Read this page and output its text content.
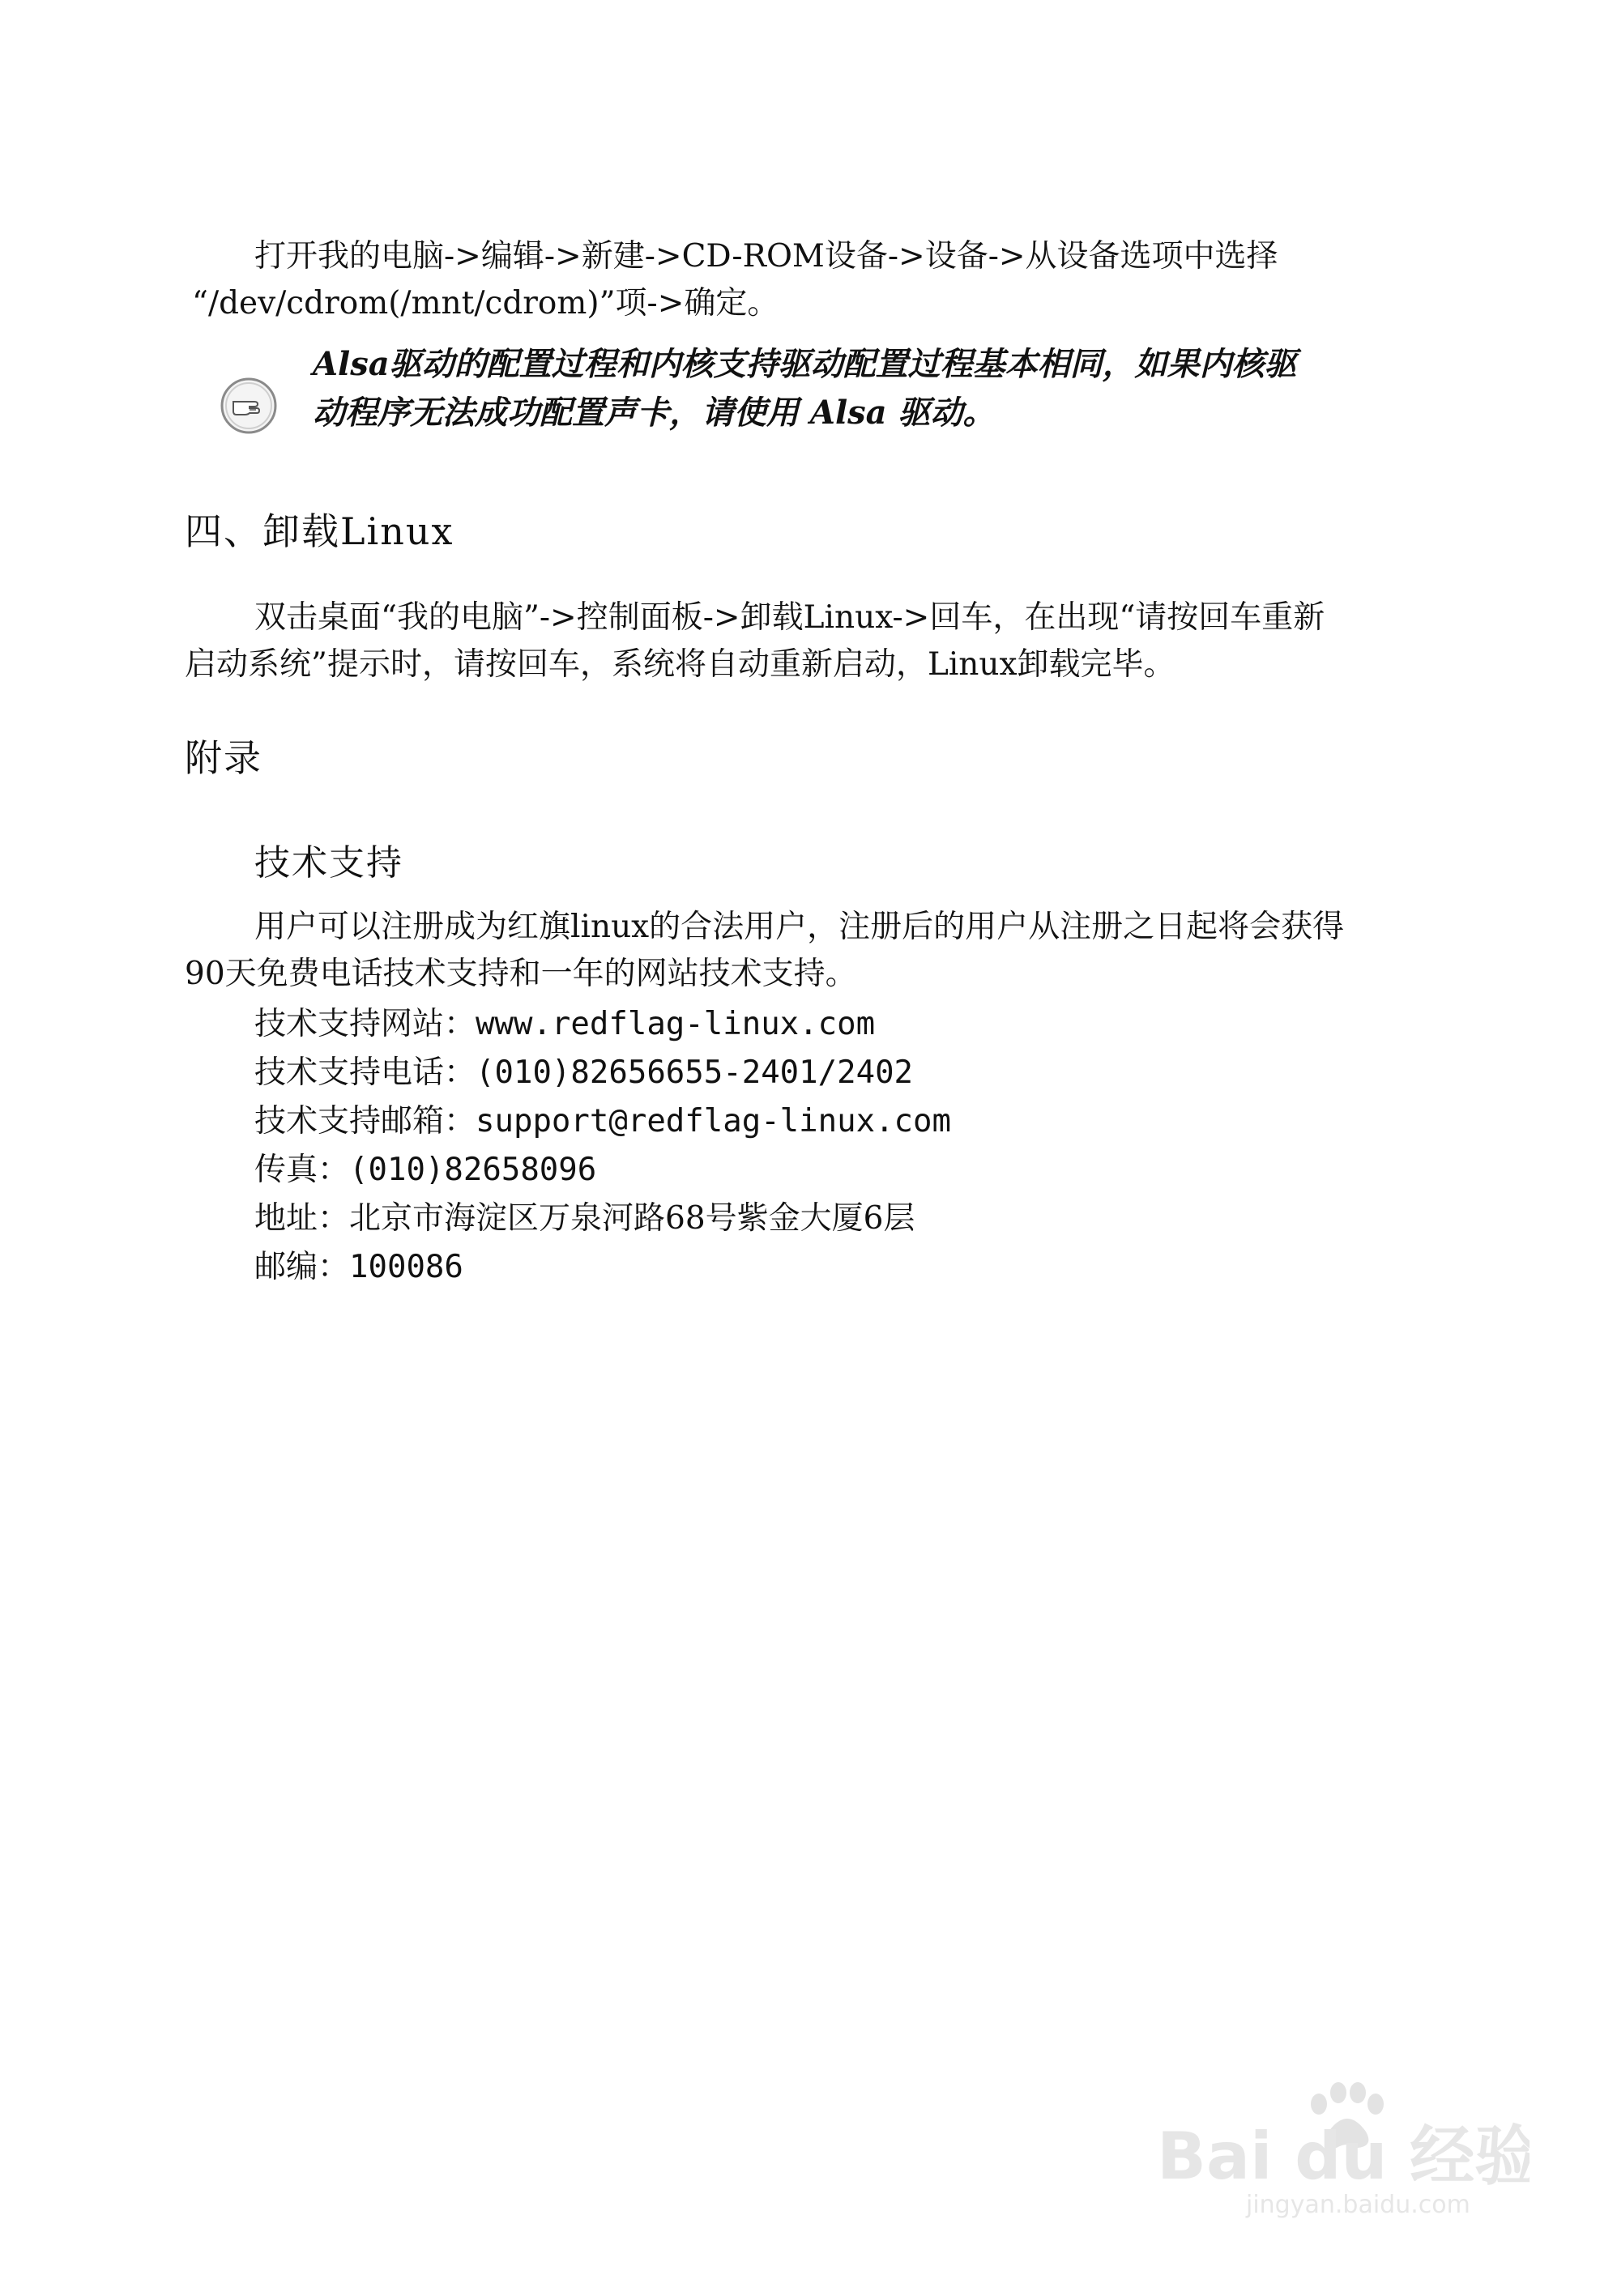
打开我的电脑->编辑->新建->CD-ROM设备->设备->从设备选项中选择

“/dev/cdrom(/mnt/cdrom)”项->确定。

Alsa驱动的配置过程和内核支持驱动配置过程基本相同，如果内核驱

动程序无法成功配置声卡，请使用 Alsa 驱动。

四、卸载Linux

双击桌面“我的电脑”->控制面板->卸载Linux->回车，在出现“请按回车重新

启动系统”提示时，请按回车，系统将自动重新启动，Linux卸载完毕。

附录
技术支持

用户可以注册成为红旗linux的合法用户，注册后的用户从注册之日起将会获得

90天免费电话技术支持和一年的网站技术支持。

技术支持网站：www.redflag-linux.com

技术支持电话：(010)82656655-2401/2402

技术支持邮箱：support@redflag-linux.com

传真：(010)82658096

地址：北京市海淀区万泉河路68号紫金大厦6层

邮编：100086

Bai du 经验
jingyan.baidu.com
